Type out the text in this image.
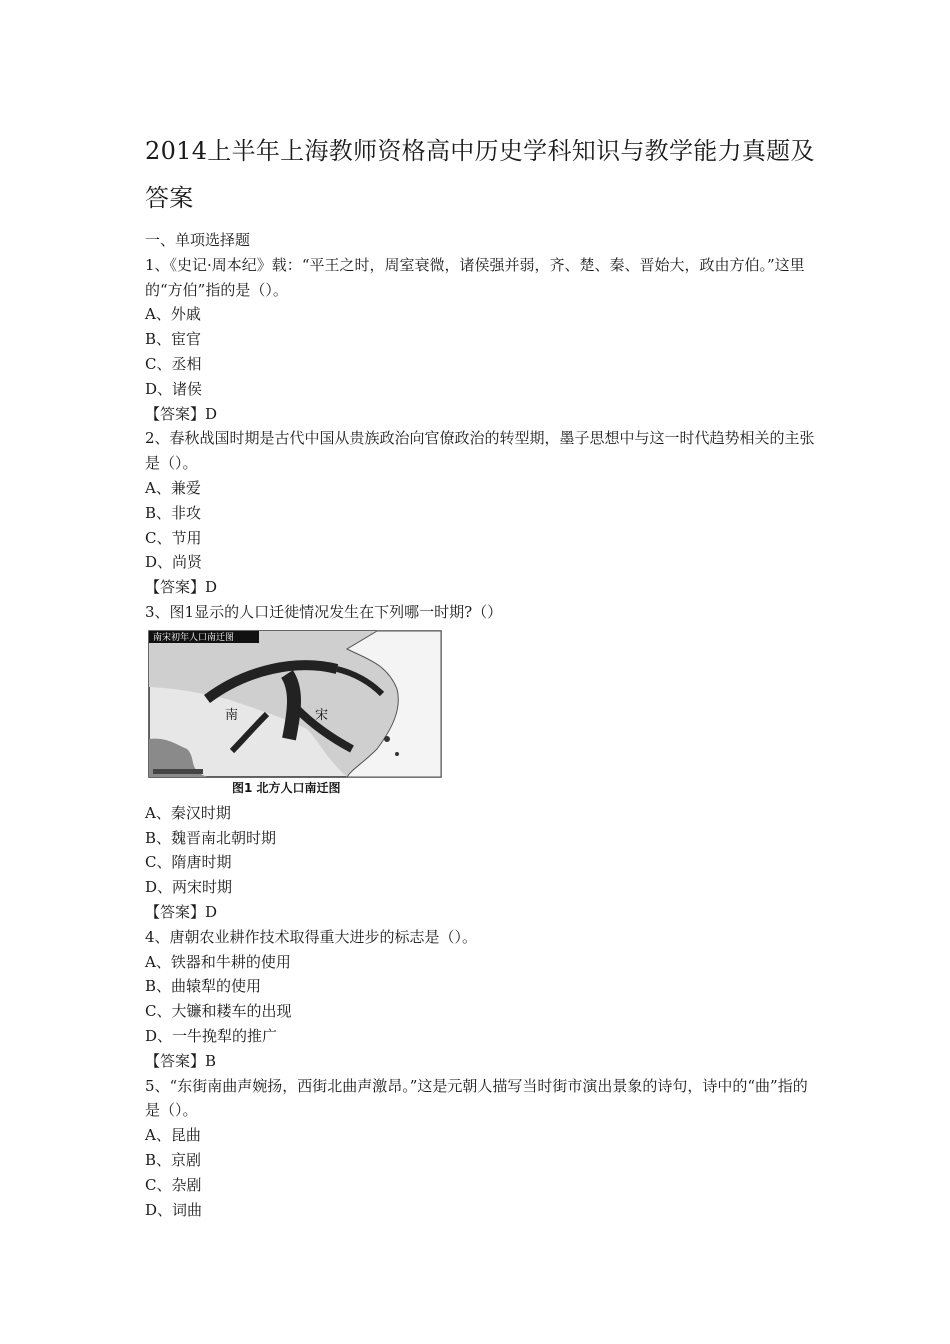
2014上半年上海教师资格高中历史学科知识与教学能力真题及答案
一、单项选择题
1、《史记·周本纪》载：“平王之时，周室衰微，诸侯强并弱，齐、楚、秦、晋始大，政由方伯。”这里的“方伯”指的是（）。
A、外戚
B、宦官
C、丞相
D、诸侯
【答案】D
2、春秋战国时期是古代中国从贵族政治向官僚政治的转型期，墨子思想中与这一时代趋势相关的主张是（）。
A、兼爱
B、非攻
C、节用
D、尚贤
【答案】D
3、图1显示的人口迁徙情况发生在下列哪一时期?（）
南宋初年人口南迁图
南	宋
图1 北方人口南迁图
A、秦汉时期
B、魏晋南北朝时期
C、隋唐时期
D、两宋时期
【答案】D
4、唐朝农业耕作技术取得重大进步的标志是（）。
A、铁器和牛耕的使用
B、曲辕犁的使用
C、大镰和耧车的出现
D、一牛挽犁的推广
【答案】B
5、“东街南曲声婉扬，西街北曲声激昂。”这是元朝人描写当时街市演出景象的诗句，诗中的“曲”指的是（）。
A、昆曲
B、京剧
C、杂剧
D、词曲
